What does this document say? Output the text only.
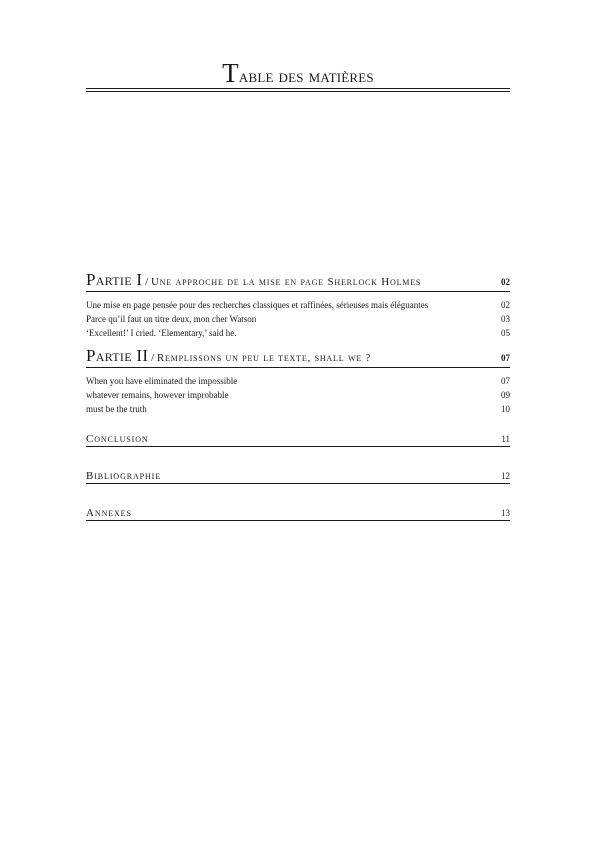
Table des matières
Partie I / Une approche de la mise en page Sherlock Holmes	02
Une mise en page pensée pour des recherches classiques et raffinées, sérieuses mais éléguantes	02
Parce qu’il faut un titre deux, mon cher Watson	03
‘Excellent!’ I cried. ‘Elementary,’ said he.	05
Partie II / Remplissons un peu le texte, shall we ?	07
When you have eliminated the impossible	07
whatever remains, however improbable	09
must be the truth	10
Conclusion	11
Bibliographie	12
Annexes	13
